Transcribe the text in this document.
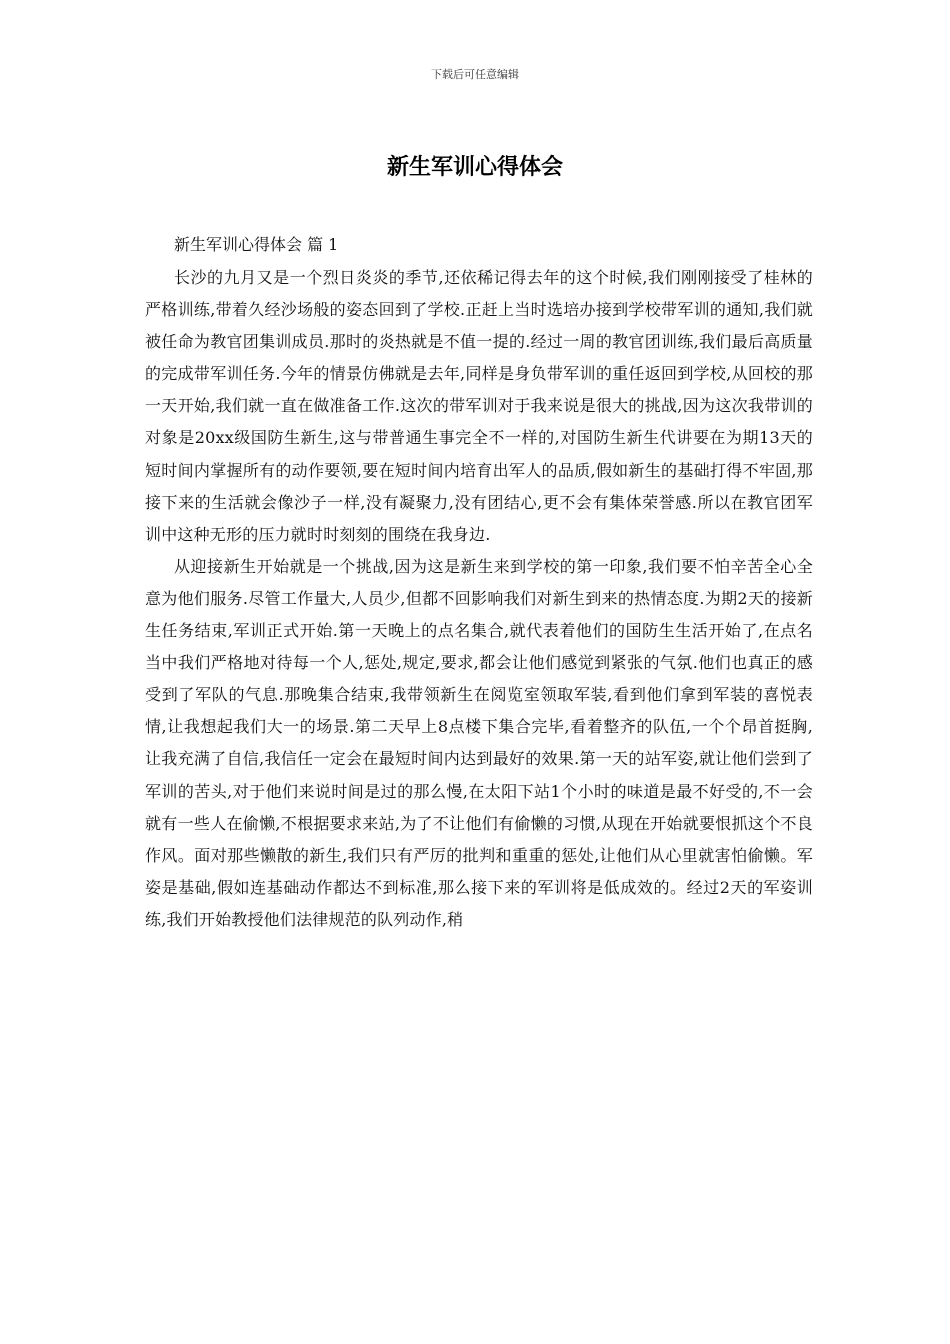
下载后可任意编辑
新生军训心得体会
新生军训心得体会 篇 1

长沙的九月又是一个烈日炎炎的季节,还依稀记得去年的这个时候,我们刚刚接受了桂林的严格训练,带着久经沙场般的姿态回到了学校.正赶上当时选培办接到学校带军训的通知,我们就被任命为教官团集训成员.那时的炎热就是不值一提的.经过一周的教官团训练,我们最后高质量的完成带军训任务.今年的情景仿佛就是去年,同样是身负带军训的重任返回到学校,从回校的那一天开始,我们就一直在做准备工作.这次的带军训对于我来说是很大的挑战,因为这次我带训的对象是20xx级国防生新生,这与带普通生事完全不一样的,对国防生新生代讲要在为期13天的短时间内掌握所有的动作要领,要在短时间内培育出军人的品质,假如新生的基础打得不牢固,那接下来的生活就会像沙子一样,没有凝聚力,没有团结心,更不会有集体荣誉感.所以在教官团军训中这种无形的压力就时时刻刻的围绕在我身边.

从迎接新生开始就是一个挑战,因为这是新生来到学校的第一印象,我们要不怕辛苦全心全意为他们服务.尽管工作量大,人员少,但都不回影响我们对新生到来的热情态度.为期2天的接新生任务结束,军训正式开始.第一天晚上的点名集合,就代表着他们的国防生生活开始了,在点名当中我们严格地对待每一个人,惩处,规定,要求,都会让他们感觉到紧张的气氛.他们也真正的感受到了军队的气息.那晚集合结束,我带领新生在阅览室领取军装,看到他们拿到军装的喜悦表情,让我想起我们大一的场景.第二天早上8点楼下集合完毕,看着整齐的队伍,一个个昂首挺胸,让我充满了自信,我信任一定会在最短时间内达到最好的效果.第一天的站军姿,就让他们尝到了军训的苦头,对于他们来说时间是过的那么慢,在太阳下站1个小时的味道是最不好受的,不一会就有一些人在偷懒,不根据要求来站,为了不让他们有偷懒的习惯,从现在开始就要恨抓这个不良作风。面对那些懒散的新生,我们只有严厉的批判和重重的惩处,让他们从心里就害怕偷懒。军姿是基础,假如连基础动作都达不到标准,那么接下来的军训将是低成效的。经过2天的军姿训练,我们开始教授他们法律规范的队列动作,稍
